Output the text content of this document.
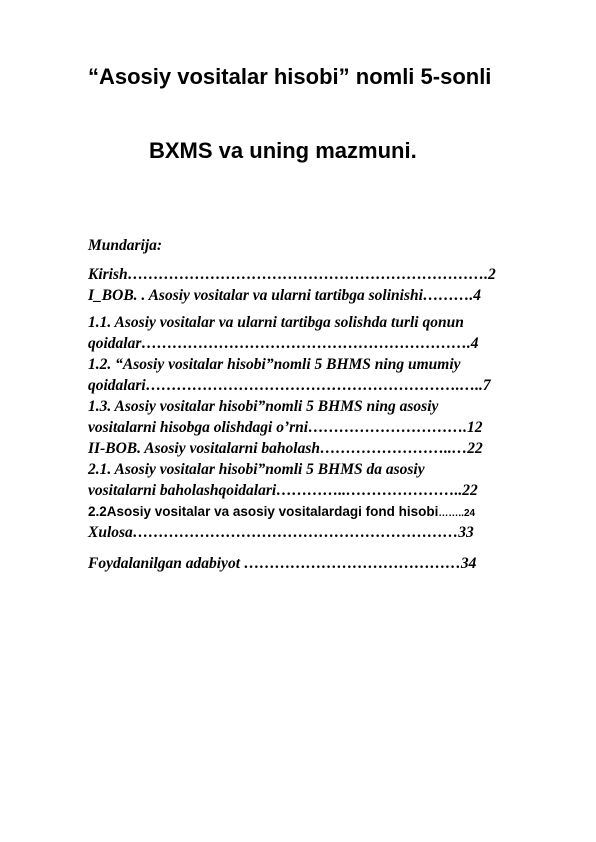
“Asosiy vositalar hisobi” nomli 5-sonli
BXMS va uning mazmuni.

Mundarija:

Kirish…………………………………………………………….2
I_BOB. . Asosiy vositalar va ularni tartibga solinishi……….4
1.1. Asosiy vositalar va ularni tartibga solishda turli qonun
qoidalar……………………………………………………….4
1.2. “Asosiy vositalar hisobi”nomli 5 BHMS ning umumiy
qoidalari…………………………………………………….…..7
1.3. Asosiy vositalar hisobi”nomli 5 BHMS ning asosiy
vositalarni hisobga olishdagi o’rni………………………….12
II-BOB. Asosiy vositalarni baholash……………………..…22
2.1. Asosiy vositalar hisobi”nomli 5 BHMS da asosiy
vositalarni baholashqoidalari…………..…………………..22
2.2Asosiy vositalar va asosiy vositalardagi fond hisobi……..24
Xulosa………………………………………………………33
Foydalanilgan adabiyot ……………………………………34
